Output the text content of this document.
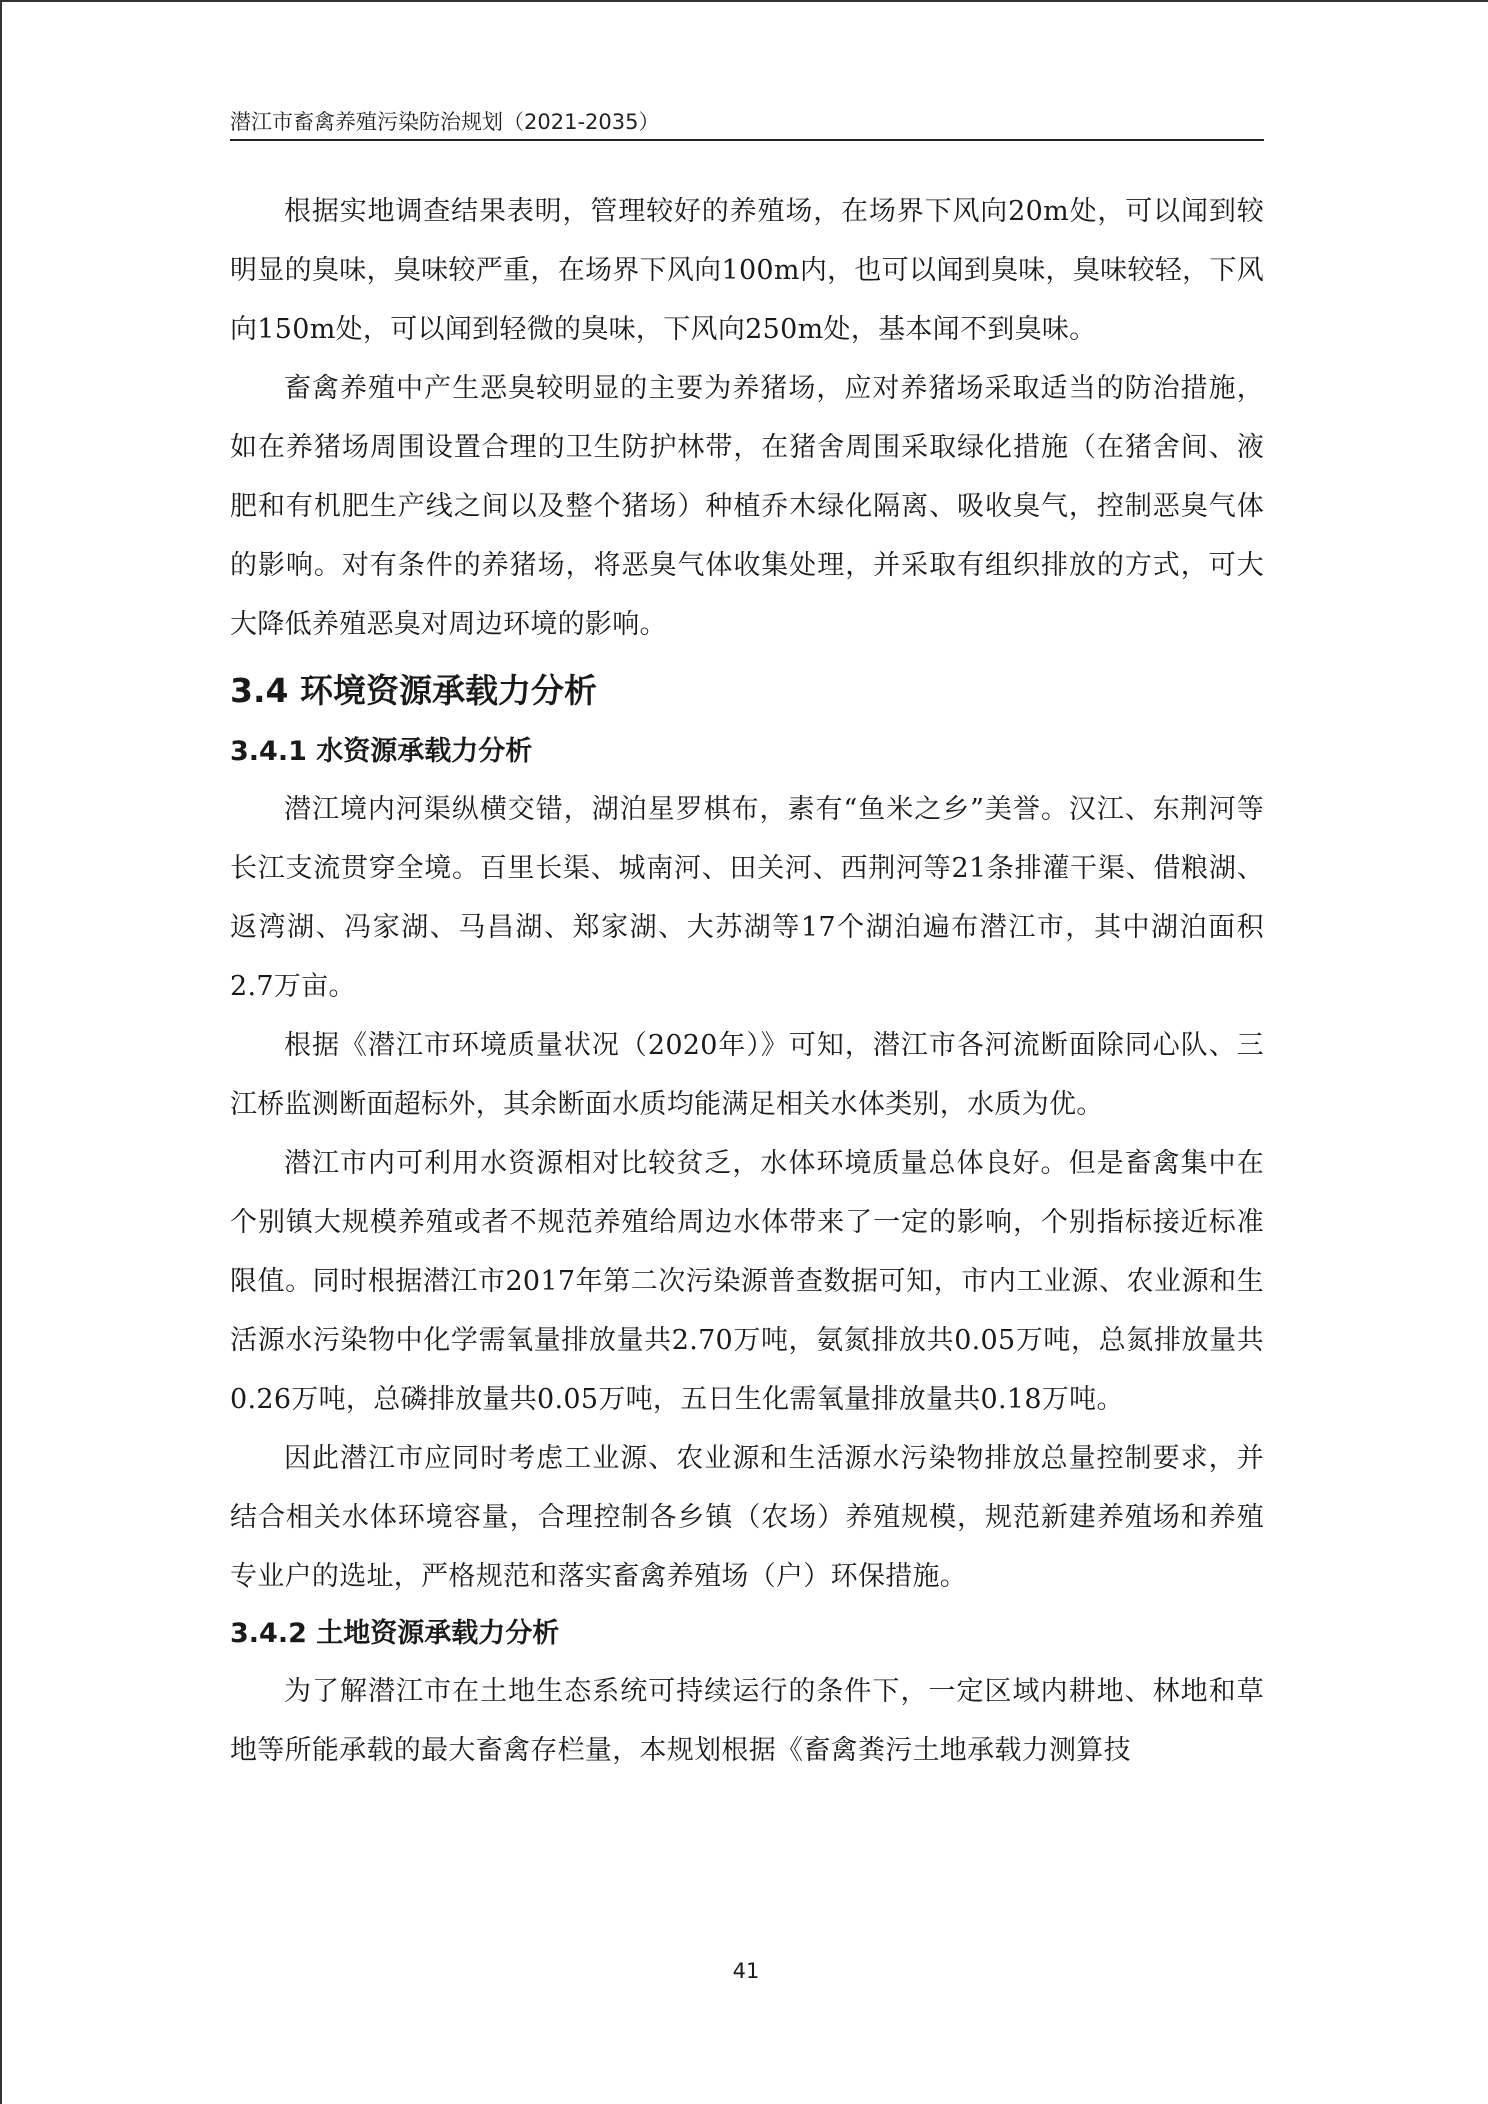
潜江市畜禽养殖污染防治规划（2021-2035）

根据实地调查结果表明，管理较好的养殖场，在场界下风向20m处，可以闻到较明显的臭味，臭味较严重，在场界下风向100m内，也可以闻到臭味，臭味较轻，下风向150m处，可以闻到轻微的臭味，下风向250m处，基本闻不到臭味。

畜禽养殖中产生恶臭较明显的主要为养猪场，应对养猪场采取适当的防治措施，如在养猪场周围设置合理的卫生防护林带，在猪舍周围采取绿化措施（在猪舍间、液肥和有机肥生产线之间以及整个猪场）种植乔木绿化隔离、吸收臭气，控制恶臭气体的影响。对有条件的养猪场，将恶臭气体收集处理，并采取有组织排放的方式，可大大降低养殖恶臭对周边环境的影响。

3.4 环境资源承载力分析
3.4.1 水资源承载力分析

潜江境内河渠纵横交错，湖泊星罗棋布，素有“鱼米之乡”美誉。汉江、东荆河等长江支流贯穿全境。百里长渠、城南河、田关河、西荆河等21条排灌干渠、借粮湖、返湾湖、冯家湖、马昌湖、郑家湖、大苏湖等17个湖泊遍布潜江市，其中湖泊面积2.7万亩。

根据《潜江市环境质量状况（2020年）》可知，潜江市各河流断面除同心队、三江桥监测断面超标外，其余断面水质均能满足相关水体类别，水质为优。

潜江市内可利用水资源相对比较贫乏，水体环境质量总体良好。但是畜禽集中在个别镇大规模养殖或者不规范养殖给周边水体带来了一定的影响，个别指标接近标准限值。同时根据潜江市2017年第二次污染源普查数据可知，市内工业源、农业源和生活源水污染物中化学需氧量排放量共2.70万吨，氨氮排放共0.05万吨，总氮排放量共0.26万吨，总磷排放量共0.05万吨，五日生化需氧量排放量共0.18万吨。

因此潜江市应同时考虑工业源、农业源和生活源水污染物排放总量控制要求，并结合相关水体环境容量，合理控制各乡镇（农场）养殖规模，规范新建养殖场和养殖专业户的选址，严格规范和落实畜禽养殖场（户）环保措施。

3.4.2 土地资源承载力分析

为了解潜江市在土地生态系统可持续运行的条件下，一定区域内耕地、林地和草地等所能承载的最大畜禽存栏量，本规划根据《畜禽粪污土地承载力测算技

41
